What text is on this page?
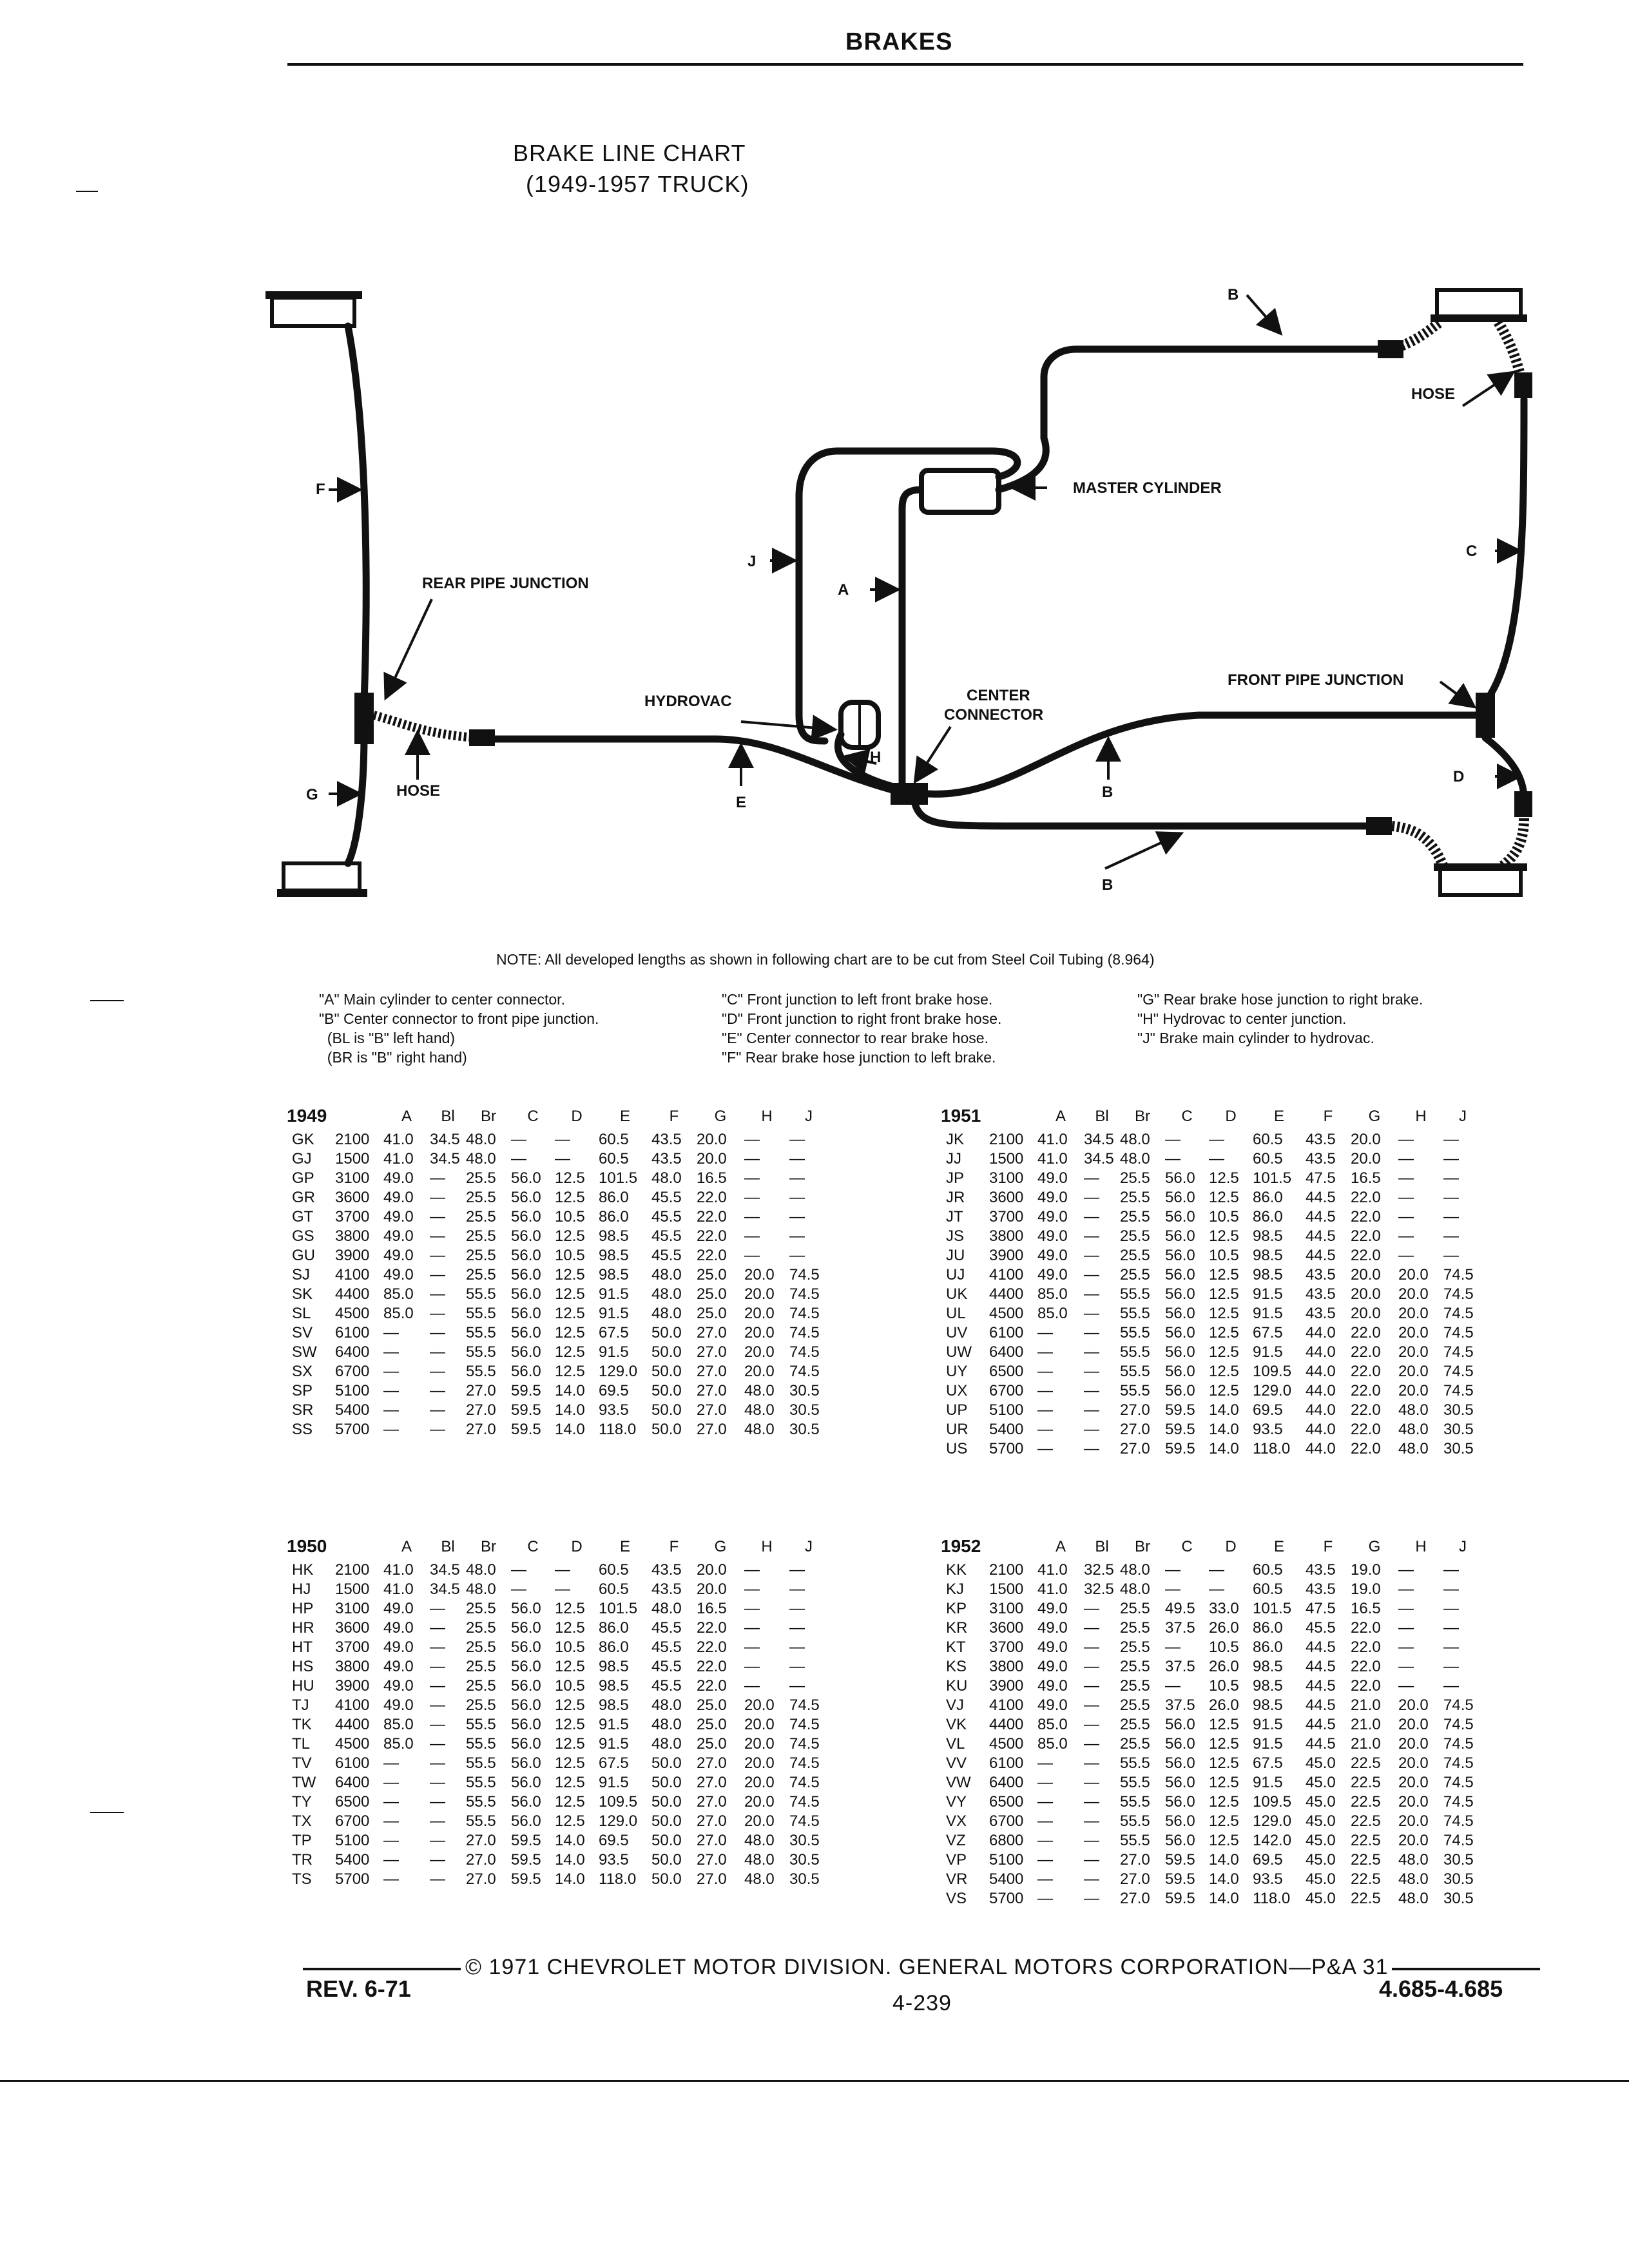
BRAKES
BRAKE LINE CHART
(1949-1957 TRUCK)
B
HOSE
MASTER CYLINDER
F
J
A
C
REAR PIPE JUNCTION
HYDROVAC	CENTER
CONNECTOR
FRONT PIPE JUNCTION
H
G	HOSE
E
B
D
B
NOTE: All developed lengths as shown in following chart are to be cut from Steel Coil Tubing (8.964)
"A" Main cylinder to center connector.
"B" Center connector to front pipe junction.
(BL is "B" left hand)
(BR is "B" right hand)
"C" Front junction to left front brake hose.
"D" Front junction to right front brake hose.
"E" Center connector to rear brake hose.
"F" Rear brake hose junction to left brake.
"G" Rear brake hose junction to right brake.
"H" Hydrovac to center junction.
"J" Brake main cylinder to hydrovac.
1949
			A	Bl	Br	C	D	E	F	G	H	J
GK	2100	41.0	34.5	48.0	—	—	60.5	43.5	20.0	—	—
GJ	1500	41.0	34.5	48.0	—	—	60.5	43.5	20.0	—	—
GP	3100	49.0	—	25.5	56.0	12.5	101.5	48.0	16.5	—	—
GR	3600	49.0	—	25.5	56.0	12.5	86.0	45.5	22.0	—	—
GT	3700	49.0	—	25.5	56.0	10.5	86.0	45.5	22.0	—	—
GS	3800	49.0	—	25.5	56.0	12.5	98.5	45.5	22.0	—	—
GU	3900	49.0	—	25.5	56.0	10.5	98.5	45.5	22.0	—	—
SJ	4100	49.0	—	25.5	56.0	12.5	98.5	48.0	25.0	20.0	74.5
SK	4400	85.0	—	55.5	56.0	12.5	91.5	48.0	25.0	20.0	74.5
SL	4500	85.0	—	55.5	56.0	12.5	91.5	48.0	25.0	20.0	74.5
SV	6100	—	—	55.5	56.0	12.5	67.5	50.0	27.0	20.0	74.5
SW	6400	—	—	55.5	56.0	12.5	91.5	50.0	27.0	20.0	74.5
SX	6700	—	—	55.5	56.0	12.5	129.0	50.0	27.0	20.0	74.5
SP	5100	—	—	27.0	59.5	14.0	69.5	50.0	27.0	48.0	30.5
SR	5400	—	—	27.0	59.5	14.0	93.5	50.0	27.0	48.0	30.5
SS	5700	—	—	27.0	59.5	14.0	118.0	50.0	27.0	48.0	30.5
1951
			A	Bl	Br	C	D	E	F	G	H	J
JK	2100	41.0	34.5	48.0	—	—	60.5	43.5	20.0	—	—
JJ	1500	41.0	34.5	48.0	—	—	60.5	43.5	20.0	—	—
JP	3100	49.0	—	25.5	56.0	12.5	101.5	47.5	16.5	—	—
JR	3600	49.0	—	25.5	56.0	12.5	86.0	44.5	22.0	—	—
JT	3700	49.0	—	25.5	56.0	10.5	86.0	44.5	22.0	—	—
JS	3800	49.0	—	25.5	56.0	12.5	98.5	44.5	22.0	—	—
JU	3900	49.0	—	25.5	56.0	10.5	98.5	44.5	22.0	—	—
UJ	4100	49.0	—	25.5	56.0	12.5	98.5	43.5	20.0	20.0	74.5
UK	4400	85.0	—	55.5	56.0	12.5	91.5	43.5	20.0	20.0	74.5
UL	4500	85.0	—	55.5	56.0	12.5	91.5	43.5	20.0	20.0	74.5
UV	6100	—	—	55.5	56.0	12.5	67.5	44.0	22.0	20.0	74.5
UW	6400	—	—	55.5	56.0	12.5	91.5	44.0	22.0	20.0	74.5
UY	6500	—	—	55.5	56.0	12.5	109.5	44.0	22.0	20.0	74.5
UX	6700	—	—	55.5	56.0	12.5	129.0	44.0	22.0	20.0	74.5
UP	5100	—	—	27.0	59.5	14.0	69.5	44.0	22.0	48.0	30.5
UR	5400	—	—	27.0	59.5	14.0	93.5	44.0	22.0	48.0	30.5
US	5700	—	—	27.0	59.5	14.0	118.0	44.0	22.0	48.0	30.5
1950
			A	Bl	Br	C	D	E	F	G	H	J
HK	2100	41.0	34.5	48.0	—	—	60.5	43.5	20.0	—	—
HJ	1500	41.0	34.5	48.0	—	—	60.5	43.5	20.0	—	—
HP	3100	49.0	—	25.5	56.0	12.5	101.5	48.0	16.5	—	—
HR	3600	49.0	—	25.5	56.0	12.5	86.0	45.5	22.0	—	—
HT	3700	49.0	—	25.5	56.0	10.5	86.0	45.5	22.0	—	—
HS	3800	49.0	—	25.5	56.0	12.5	98.5	45.5	22.0	—	—
HU	3900	49.0	—	25.5	56.0	10.5	98.5	45.5	22.0	—	—
TJ	4100	49.0	—	25.5	56.0	12.5	98.5	48.0	25.0	20.0	74.5
TK	4400	85.0	—	55.5	56.0	12.5	91.5	48.0	25.0	20.0	74.5
TL	4500	85.0	—	55.5	56.0	12.5	91.5	48.0	25.0	20.0	74.5
TV	6100	—	—	55.5	56.0	12.5	67.5	50.0	27.0	20.0	74.5
TW	6400	—	—	55.5	56.0	12.5	91.5	50.0	27.0	20.0	74.5
TY	6500	—	—	55.5	56.0	12.5	109.5	50.0	27.0	20.0	74.5
TX	6700	—	—	55.5	56.0	12.5	129.0	50.0	27.0	20.0	74.5
TP	5100	—	—	27.0	59.5	14.0	69.5	50.0	27.0	48.0	30.5
TR	5400	—	—	27.0	59.5	14.0	93.5	50.0	27.0	48.0	30.5
TS	5700	—	—	27.0	59.5	14.0	118.0	50.0	27.0	48.0	30.5
1952
			A	Bl	Br	C	D	E	F	G	H	J
KK	2100	41.0	32.5	48.0	—	—	60.5	43.5	19.0	—	—
KJ	1500	41.0	32.5	48.0	—	—	60.5	43.5	19.0	—	—
KP	3100	49.0	—	25.5	49.5	33.0	101.5	47.5	16.5	—	—
KR	3600	49.0	—	25.5	37.5	26.0	86.0	45.5	22.0	—	—
KT	3700	49.0	—	25.5	—	10.5	86.0	44.5	22.0	—	—
KS	3800	49.0	—	25.5	37.5	26.0	98.5	44.5	22.0	—	—
KU	3900	49.0	—	25.5	—	10.5	98.5	44.5	22.0	—	—
VJ	4100	49.0	—	25.5	37.5	26.0	98.5	44.5	21.0	20.0	74.5
VK	4400	85.0	—	25.5	56.0	12.5	91.5	44.5	21.0	20.0	74.5
VL	4500	85.0	—	25.5	56.0	12.5	91.5	44.5	21.0	20.0	74.5
VV	6100	—	—	55.5	56.0	12.5	67.5	45.0	22.5	20.0	74.5
VW	6400	—	—	55.5	56.0	12.5	91.5	45.0	22.5	20.0	74.5
VY	6500	—	—	55.5	56.0	12.5	109.5	45.0	22.5	20.0	74.5
VX	6700	—	—	55.5	56.0	12.5	129.0	45.0	22.5	20.0	74.5
VZ	6800	—	—	55.5	56.0	12.5	142.0	45.0	22.5	20.0	74.5
VP	5100	—	—	27.0	59.5	14.0	69.5	45.0	22.5	48.0	30.5
VR	5400	—	—	27.0	59.5	14.0	93.5	45.0	22.5	48.0	30.5
VS	5700	—	—	27.0	59.5	14.0	118.0	45.0	22.5	48.0	30.5
© 1971 CHEVROLET MOTOR DIVISION. GENERAL MOTORS CORPORATION—P&A 31
REV. 6-71
4-239
4.685-4.685
